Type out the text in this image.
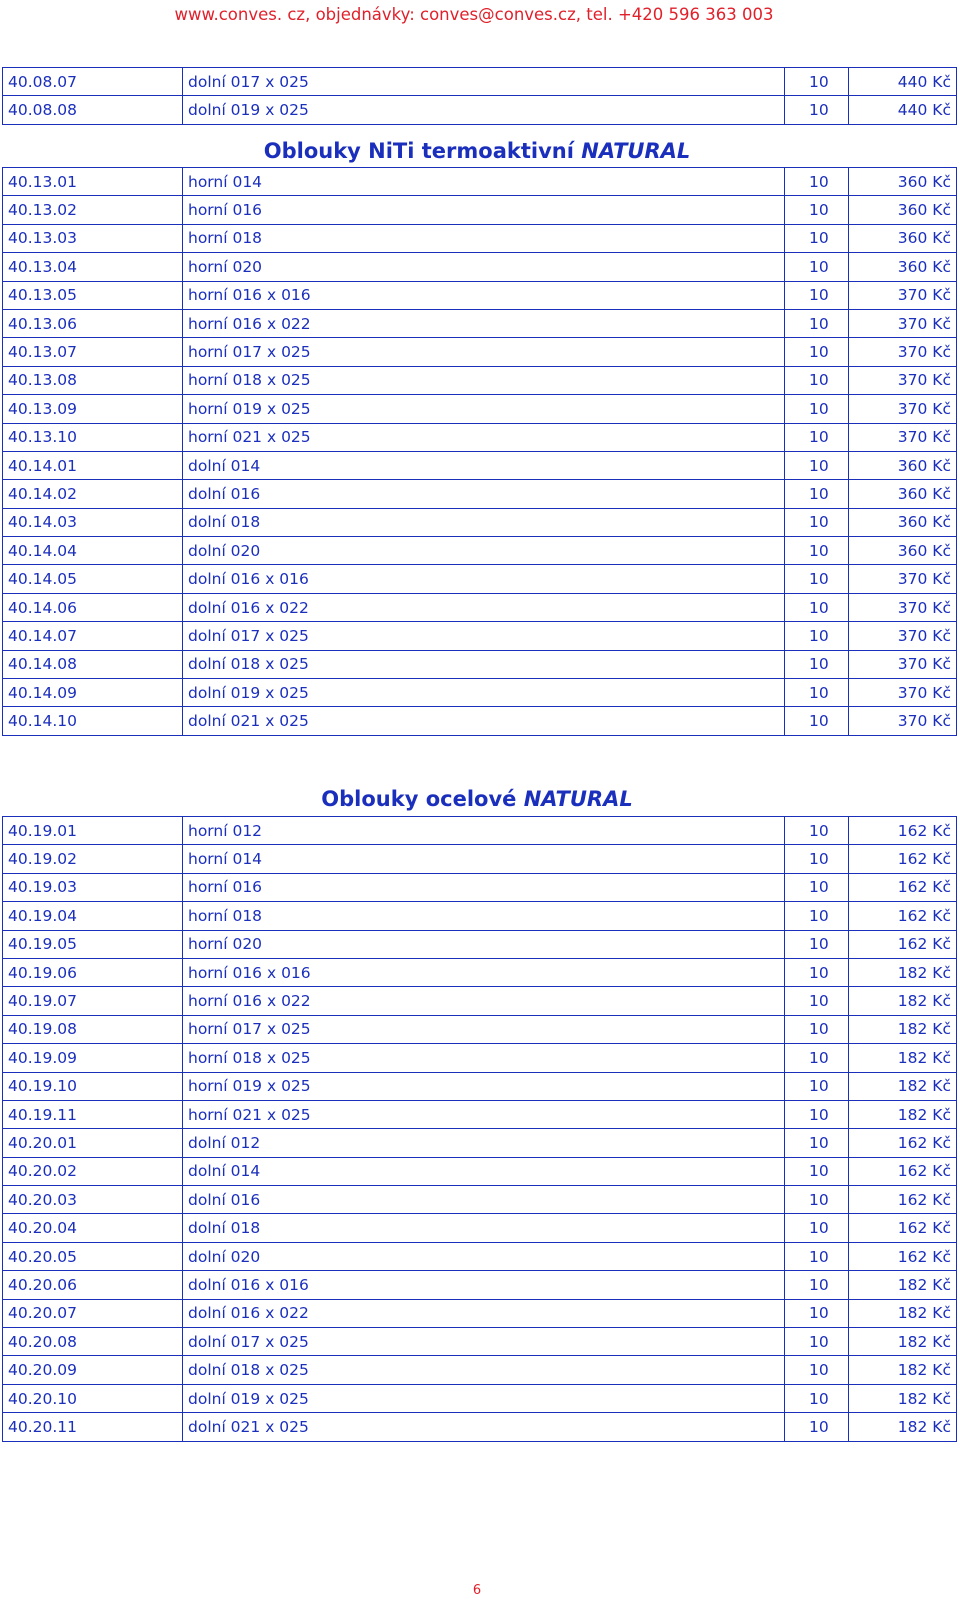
www.conves. cz, objednávky: conves@conves.cz, tel. +420 596 363 003
40.08.07	dolní 017 x 025	10	440 Kč
40.08.08	dolní 019 x 025	10	440 Kč
Oblouky NiTi termoaktivní NATURAL
40.13.01	horní 014	10	360 Kč
40.13.02	horní 016	10	360 Kč
40.13.03	horní 018	10	360 Kč
40.13.04	horní 020	10	360 Kč
40.13.05	horní 016 x 016	10	370 Kč
40.13.06	horní 016 x 022	10	370 Kč
40.13.07	horní 017 x 025	10	370 Kč
40.13.08	horní 018 x 025	10	370 Kč
40.13.09	horní 019 x 025	10	370 Kč
40.13.10	horní 021 x 025	10	370 Kč
40.14.01	dolní 014	10	360 Kč
40.14.02	dolní 016	10	360 Kč
40.14.03	dolní 018	10	360 Kč
40.14.04	dolní 020	10	360 Kč
40.14.05	dolní 016 x 016	10	370 Kč
40.14.06	dolní 016 x 022	10	370 Kč
40.14.07	dolní 017 x 025	10	370 Kč
40.14.08	dolní 018 x 025	10	370 Kč
40.14.09	dolní 019 x 025	10	370 Kč
40.14.10	dolní 021 x 025	10	370 Kč
Oblouky ocelové NATURAL
40.19.01	horní 012	10	162 Kč
40.19.02	horní 014	10	162 Kč
40.19.03	horní 016	10	162 Kč
40.19.04	horní 018	10	162 Kč
40.19.05	horní 020	10	162 Kč
40.19.06	horní 016 x 016	10	182 Kč
40.19.07	horní 016 x 022	10	182 Kč
40.19.08	horní 017 x 025	10	182 Kč
40.19.09	horní 018 x 025	10	182 Kč
40.19.10	horní 019 x 025	10	182 Kč
40.19.11	horní 021 x 025	10	182 Kč
40.20.01	dolní 012	10	162 Kč
40.20.02	dolní 014	10	162 Kč
40.20.03	dolní 016	10	162 Kč
40.20.04	dolní 018	10	162 Kč
40.20.05	dolní 020	10	162 Kč
40.20.06	dolní 016 x 016	10	182 Kč
40.20.07	dolní 016 x 022	10	182 Kč
40.20.08	dolní 017 x 025	10	182 Kč
40.20.09	dolní 018 x 025	10	182 Kč
40.20.10	dolní 019 x 025	10	182 Kč
40.20.11	dolní 021 x 025	10	182 Kč
6
